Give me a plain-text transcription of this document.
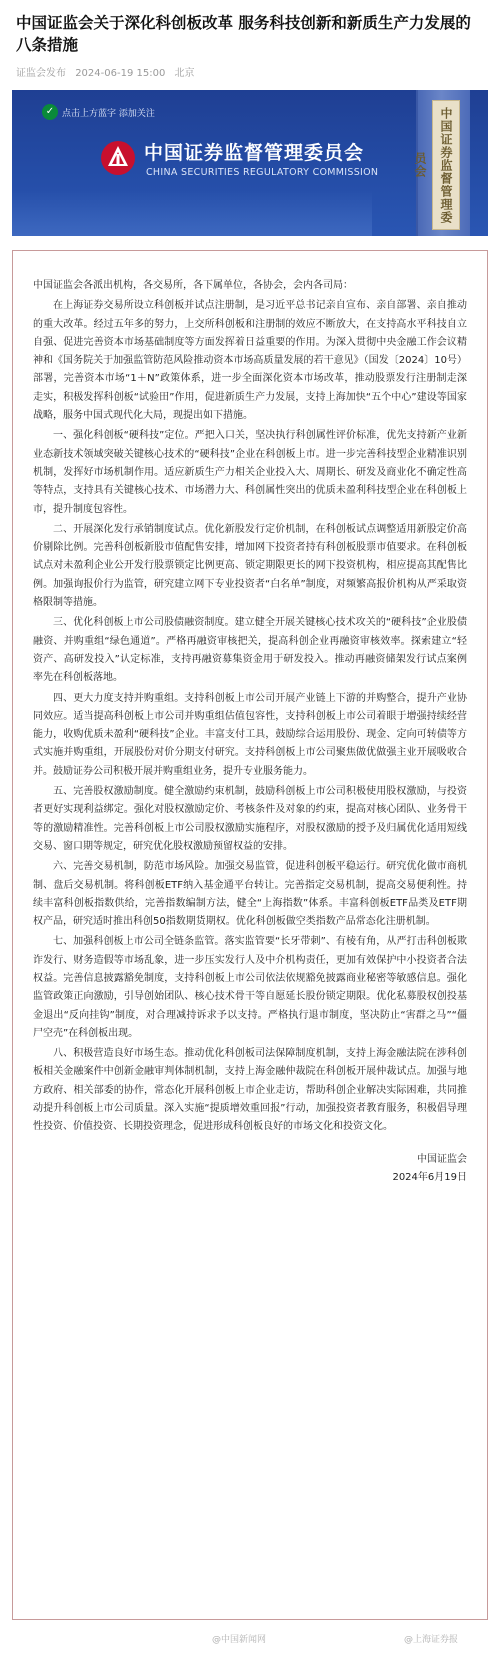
中国证监会关于深化科创板改革 服务科技创新和新质生产力发展的八条措施
证监会发布 2024-06-19 15:00 北京
✓ 点击上方蓝字 添加关注
中国证券监督管理委员会
CHINA SECURITIES REGULATORY COMMISSION	中国证券监督管理委员会
中国证监会各派出机构，各交易所，各下属单位，各协会，会内各司局：

在上海证券交易所设立科创板并试点注册制，是习近平总书记亲自宣布、亲自部署、亲自推动的重大改革。经过五年多的努力，上交所科创板和注册制的效应不断放大，在支持高水平科技自立自强、促进完善资本市场基础制度等方面发挥着日益重要的作用。为深入贯彻中央金融工作会议精神和《国务院关于加强监管防范风险推动资本市场高质量发展的若干意见》（国发〔2024〕10号）部署，完善资本市场“1＋N”政策体系，进一步全面深化资本市场改革，推动股票发行注册制走深走实，积极发挥科创板“试验田”作用，促进新质生产力发展，支持上海加快“五个中心”建设等国家战略，服务中国式现代化大局，现提出如下措施。

一、强化科创板“硬科技”定位。严把入口关，坚决执行科创属性评价标准，优先支持新产业新业态新技术领域突破关键核心技术的“硬科技”企业在科创板上市。进一步完善科技型企业精准识别机制，发挥好市场机制作用。适应新质生产力相关企业投入大、周期长、研发及商业化不确定性高等特点，支持具有关键核心技术、市场潜力大、科创属性突出的优质未盈利科技型企业在科创板上市，提升制度包容性。

二、开展深化发行承销制度试点。优化新股发行定价机制，在科创板试点调整适用新股定价高价剔除比例。完善科创板新股市值配售安排，增加网下投资者持有科创板股票市值要求。在科创板试点对未盈利企业公开发行股票锁定比例更高、锁定期限更长的网下投资机构，相应提高其配售比例。加强询报价行为监管，研究建立网下专业投资者“白名单”制度，对频繁高报价机构从严采取资格限制等措施。

三、优化科创板上市公司股债融资制度。建立健全开展关键核心技术攻关的“硬科技”企业股债融资、并购重组“绿色通道”。严格再融资审核把关，提高科创企业再融资审核效率。探索建立“轻资产、高研发投入”认定标准，支持再融资募集资金用于研发投入。推动再融资储架发行试点案例率先在科创板落地。

四、更大力度支持并购重组。支持科创板上市公司开展产业链上下游的并购整合，提升产业协同效应。适当提高科创板上市公司并购重组估值包容性，支持科创板上市公司着眼于增强持续经营能力，收购优质未盈利“硬科技”企业。丰富支付工具，鼓励综合运用股份、现金、定向可转债等方式实施并购重组，开展股份对价分期支付研究。支持科创板上市公司聚焦做优做强主业开展吸收合并。鼓励证券公司积极开展并购重组业务，提升专业服务能力。

五、完善股权激励制度。健全激励约束机制，鼓励科创板上市公司积极使用股权激励，与投资者更好实现利益绑定。强化对股权激励定价、考核条件及对象的约束，提高对核心团队、业务骨干等的激励精准性。完善科创板上市公司股权激励实施程序，对股权激励的授予及归属优化适用短线交易、窗口期等规定，研究优化股权激励预留权益的安排。

六、完善交易机制，防范市场风险。加强交易监管，促进科创板平稳运行。研究优化做市商机制、盘后交易机制。将科创板ETF纳入基金通平台转让。完善指定交易机制，提高交易便利性。持续丰富科创板指数供给，完善指数编制方法，健全“上海指数”体系。丰富科创板ETF品类及ETF期权产品，研究适时推出科创50指数期货期权。优化科创板做空类指数产品常态化注册机制。

七、加强科创板上市公司全链条监管。落实监管要“长牙带刺”、有棱有角，从严打击科创板欺诈发行、财务造假等市场乱象，进一步压实发行人及中介机构责任，更加有效保护中小投资者合法权益。完善信息披露豁免制度，支持科创板上市公司依法依规豁免披露商业秘密等敏感信息。强化监管政策正向激励，引导创始团队、核心技术骨干等自愿延长股份锁定期限。优化私募股权创投基金退出“反向挂钩”制度，对合理减持诉求予以支持。严格执行退市制度，坚决防止“害群之马”“僵尸空壳”在科创板出现。

八、积极营造良好市场生态。推动优化科创板司法保障制度机制，支持上海金融法院在涉科创板相关金融案件中创新金融审判体制机制，支持上海金融仲裁院在科创板开展仲裁试点。加强与地方政府、相关部委的协作，常态化开展科创板上市企业走访，帮助科创企业解决实际困难，共同推动提升科创板上市公司质量。深入实施“提质增效重回报”行动，加强投资者教育服务，积极倡导理性投资、价值投资、长期投资理念，促进形成科创板良好的市场文化和投资文化。

中国证监会
2024年6月19日
@中国新闻网	@上海证券报
